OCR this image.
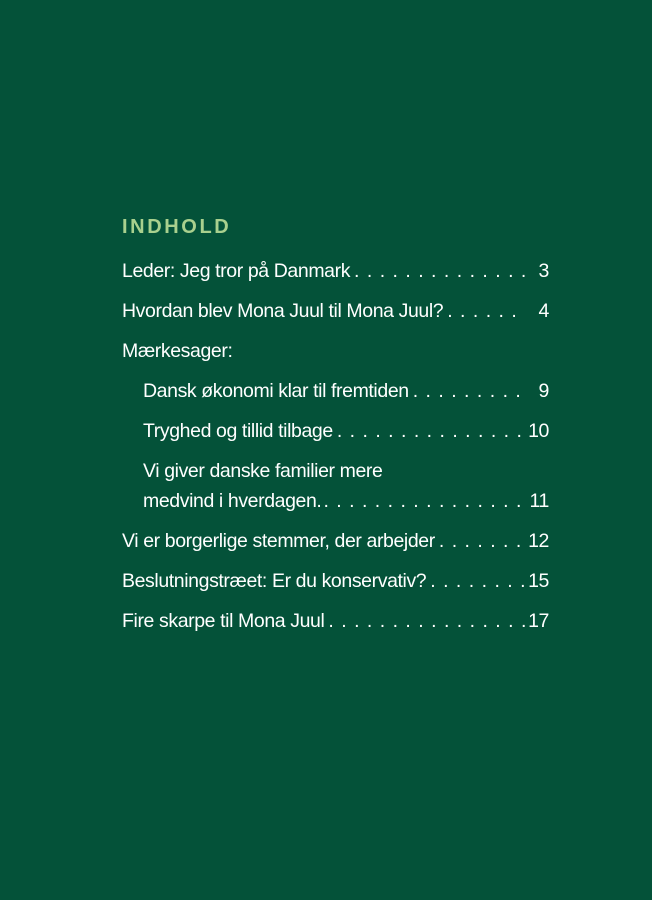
INDHOLD
Leder: Jeg tror på Danmark . . .	3
Hvordan blev Mona Juul til Mona Juul? . . .	4
Mærkesager:
Dansk økonomi klar til fremtiden . . .	9
Tryghed og tillid tilbage . . .	10
Vi giver danske familier mere
medvind i hverdagen. . . .	11
Vi er borgerlige stemmer, der arbejder . . .	12
Beslutningstræet: Er du konservativ? . . .	15
Fire skarpe til Mona Juul . . .	17
